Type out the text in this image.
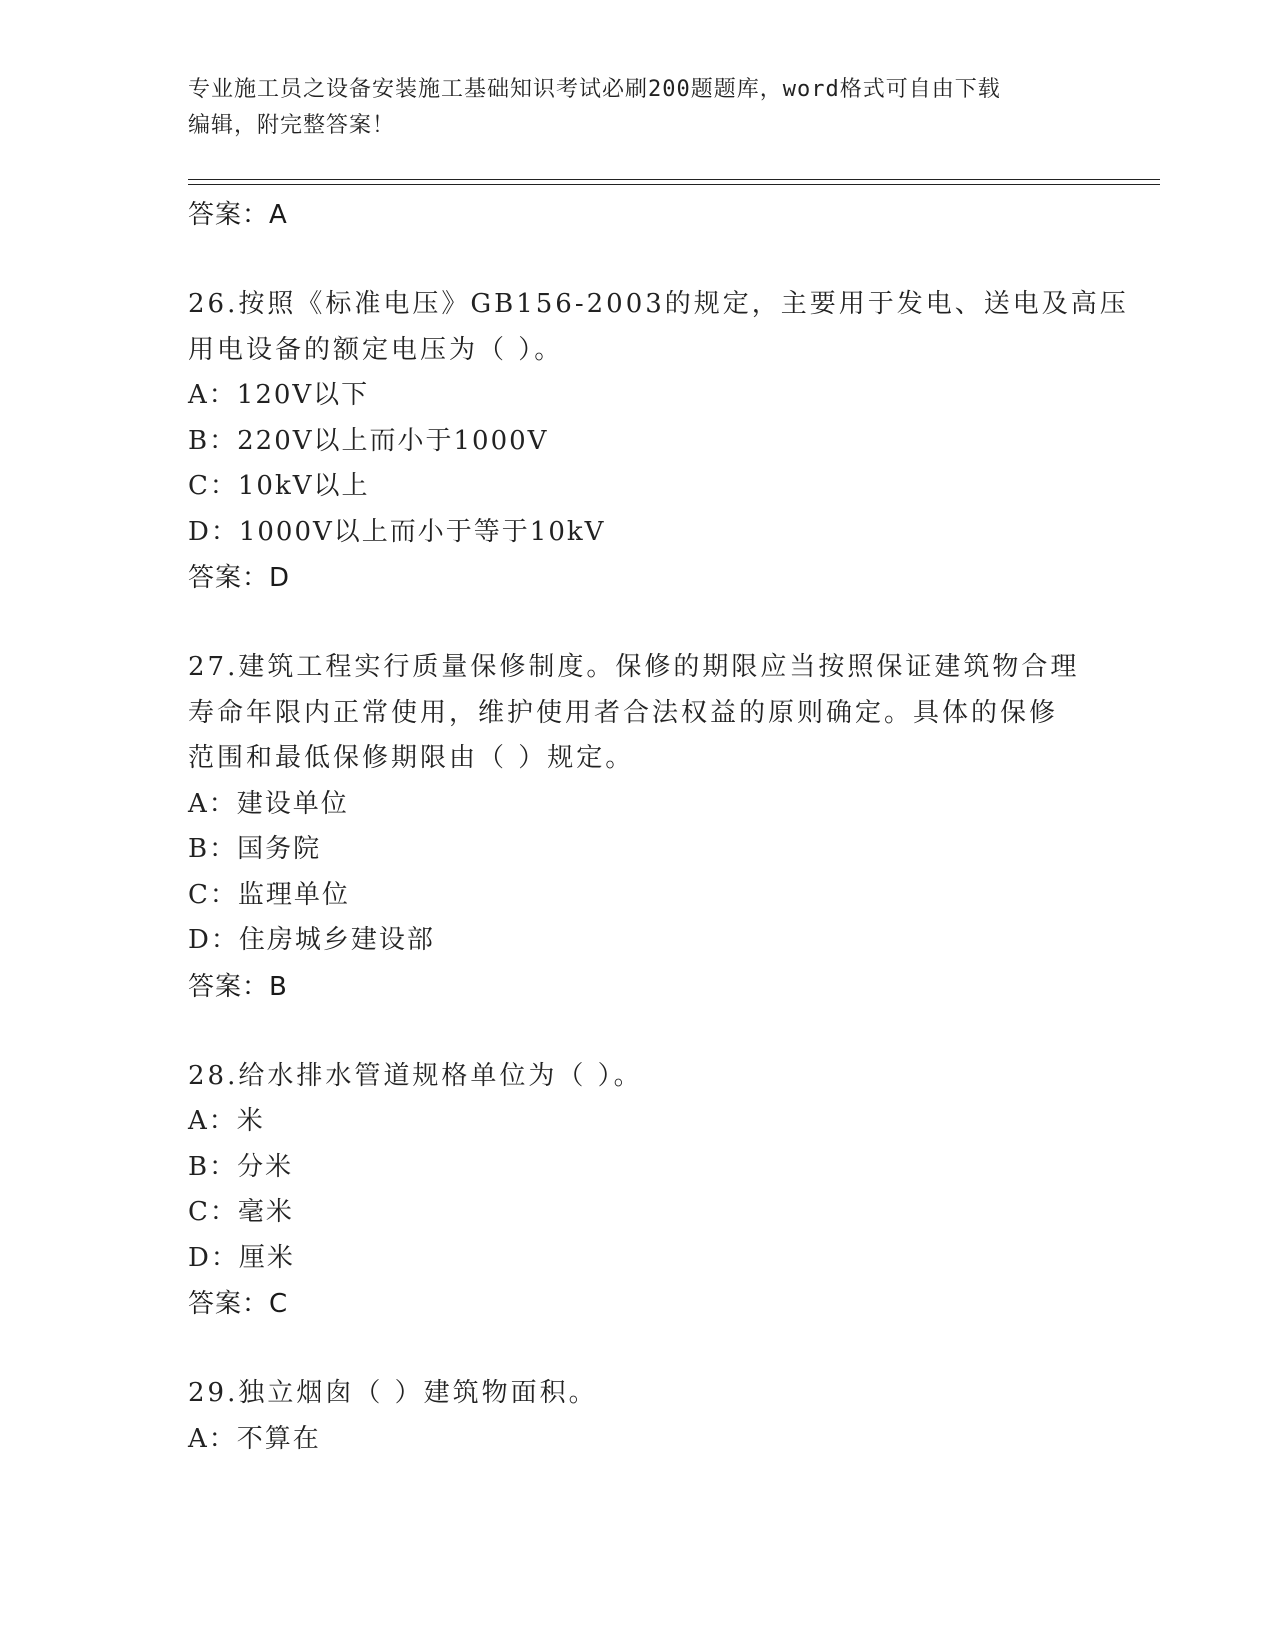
专业施工员之设备安装施工基础知识考试必刷200题题库，word格式可自由下载
编辑，附完整答案！
答案：A
26.按照《标准电压》GB156-2003的规定，主要用于发电、送电及高压
用电设备的额定电压为（ ）。
A：120V以下
B：220V以上而小于1000V
C：10kV以上
D：1000V以上而小于等于10kV
答案：D
27.建筑工程实行质量保修制度。保修的期限应当按照保证建筑物合理
寿命年限内正常使用，维护使用者合法权益的原则确定。具体的保修
范围和最低保修期限由（ ）规定。
A：建设单位
B：国务院
C：监理单位
D：住房城乡建设部
答案：B
28.给水排水管道规格单位为（ ）。
A：米
B：分米
C：毫米
D：厘米
答案：C
29.独立烟囱（ ）建筑物面积。
A：不算在
